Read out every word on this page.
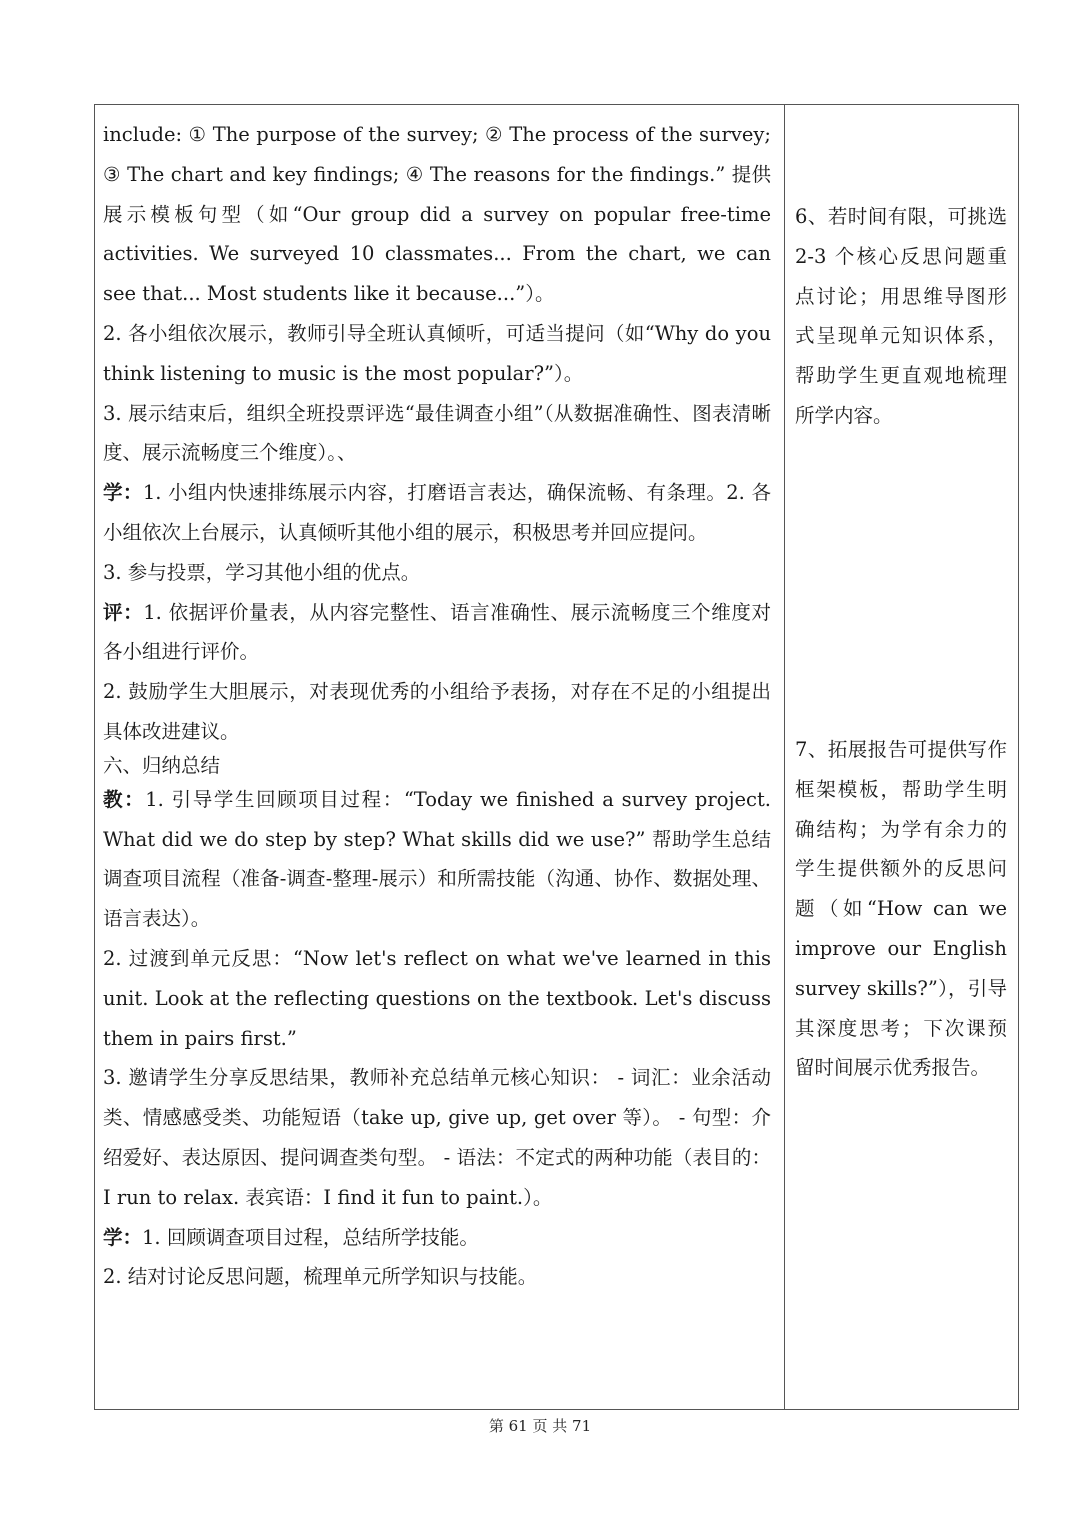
include: ① The purpose of the survey; ② The process of the survey; ③ The chart and key findings; ④ The reasons for the findings.” 提供展示模板句型（如“Our group did a survey on popular free-time activities. We surveyed 10 classmates... From the chart, we can see that... Most students like it because...”）。

2. 各小组依次展示，教师引导全班认真倾听，可适当提问（如“Why do you think listening to music is the most popular?”）。

3. 展示结束后，组织全班投票评选“最佳调查小组”（从数据准确性、图表清晰度、展示流畅度三个维度）。、

学：1. 小组内快速排练展示内容，打磨语言表达，确保流畅、有条理。2. 各小组依次上台展示，认真倾听其他小组的展示，积极思考并回应提问。

3. 参与投票，学习其他小组的优点。

评：1. 依据评价量表，从内容完整性、语言准确性、展示流畅度三个维度对各小组进行评价。

2. 鼓励学生大胆展示，对表现优秀的小组给予表扬，对存在不足的小组提出具体改进建议。

六、归纳总结

教：1. 引导学生回顾项目过程：“Today we finished a survey project. What did we do step by step? What skills did we use?” 帮助学生总结调查项目流程（准备-调查-整理-展示）和所需技能（沟通、协作、数据处理、语言表达）。

2. 过渡到单元反思：“Now let's reflect on what we've learned in this unit. Look at the reflecting questions on the textbook. Let's discuss them in pairs first.”

3. 邀请学生分享反思结果，教师补充总结单元核心知识： - 词汇：业余活动类、情感感受类、功能短语（take up, give up, get over 等）。 - 句型：介绍爱好、表达原因、提问调查类句型。 - 语法：不定式的两种功能（表目的：I run to relax. 表宾语：I find it fun to paint.）。

学：1. 回顾调查项目过程，总结所学技能。

2. 结对讨论反思问题，梳理单元所学知识与技能。

6、若时间有限，可挑选 2-3 个核心反思问题重点讨论；用思维导图形式呈现单元知识体系，帮助学生更直观地梳理所学内容。

7、拓展报告可提供写作框架模板，帮助学生明确结构；为学有余力的学生提供额外的反思问题（如“How can we improve our English survey skills?”），引导其深度思考；下次课预留时间展示优秀报告。

第 61 页 共 71
